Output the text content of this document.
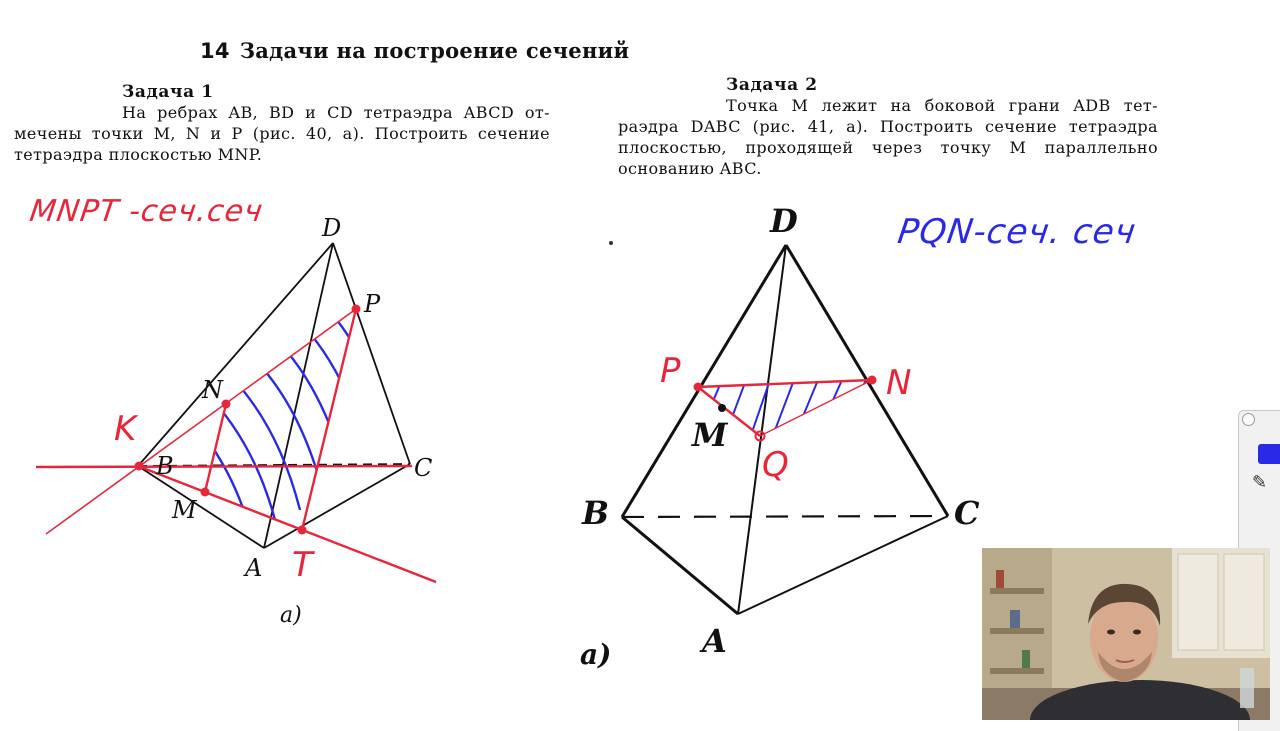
14 Задачи на построение сечений
Задача 1
На ребрах AB, BD и CD тетраэдра ABCD от-
мечены точки M, N и P (рис. 40, a). Построить сечение
тетраэдра плоскостью MNP.
Задача 2
Точка M лежит на боковой грани ADB тет-
раэдра DABC (рис. 41, a). Построить сечение тетраэдра
плоскостью, проходящей через точку M параллельно
основанию ABC.
MNPT -сеч.сеч
PQN-сеч. сеч
D
P
N
B	C
M
A
K
T
a)
D
P	N
M
Q
B	C
A
a)
✎
